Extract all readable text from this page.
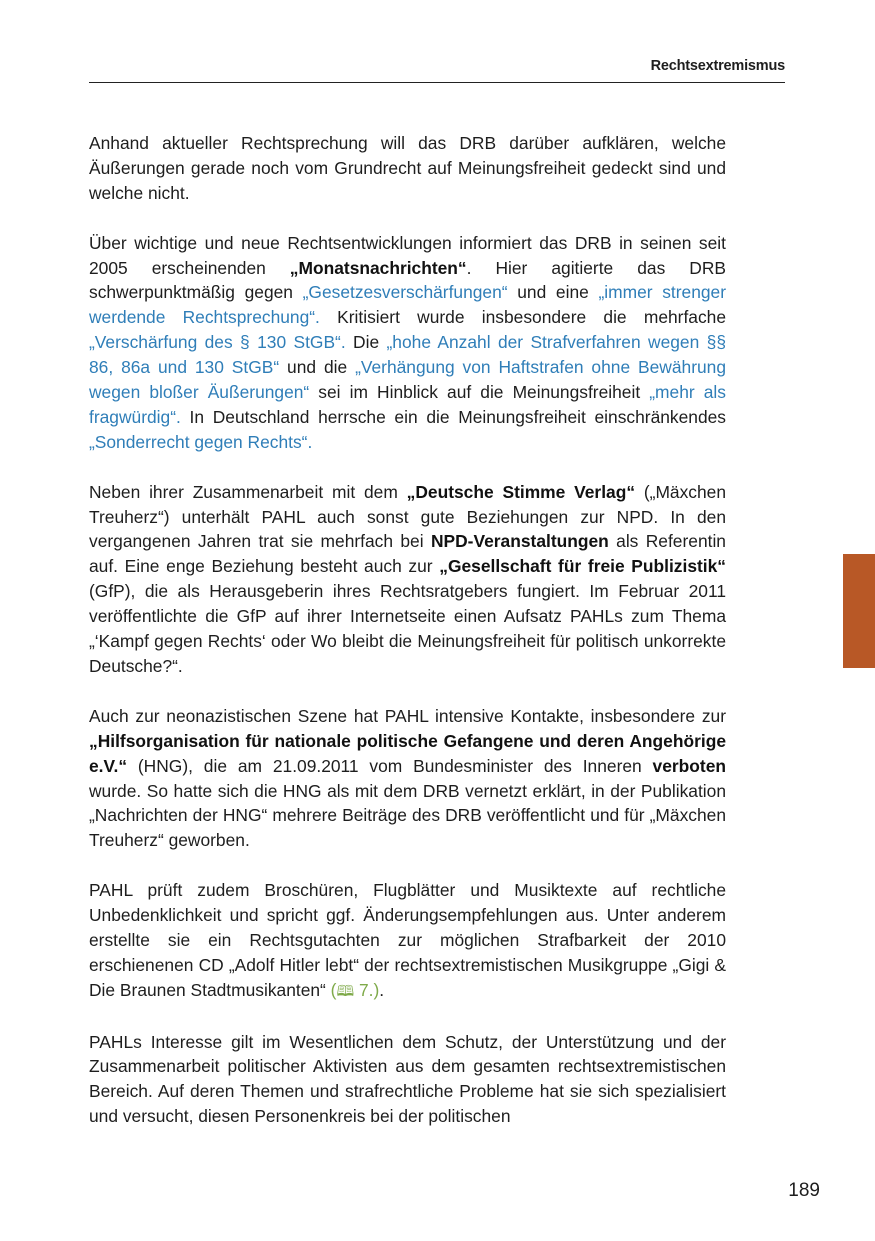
Rechtsextremismus

Anhand aktueller Rechtsprechung will das DRB darüber aufklären, welche Äußerungen gerade noch vom Grundrecht auf Meinungsfreiheit gedeckt sind und welche nicht.

Über wichtige und neue Rechtsentwicklungen informiert das DRB in seinen seit 2005 erscheinenden „Monatsnachrichten“. Hier agitierte das DRB schwerpunktmäßig gegen „Gesetzesverschärfungen“ und eine „immer strenger werdende Rechtsprechung“. Kritisiert wurde insbesondere die mehrfache „Verschärfung des § 130 StGB“. Die „hohe Anzahl der Strafverfahren wegen §§ 86, 86a und 130 StGB“ und die „Verhängung von Haftstrafen ohne Bewährung wegen bloßer Äußerungen“ sei im Hinblick auf die Meinungsfreiheit „mehr als fragwürdig“. In Deutschland herrsche ein die Meinungsfreiheit einschränkendes „Sonderrecht gegen Rechts“.

Neben ihrer Zusammenarbeit mit dem „Deutsche Stimme Verlag“ („Mäxchen Treuherz“) unterhält PAHL auch sonst gute Beziehungen zur NPD. In den vergangenen Jahren trat sie mehrfach bei NPD-Veranstaltungen als Referentin auf. Eine enge Beziehung besteht auch zur „Gesellschaft für freie Publizistik“ (GfP), die als Herausgeberin ihres Rechtsratgebers fungiert. Im Februar 2011 veröffentlichte die GfP auf ihrer Internetseite einen Aufsatz PAHLs zum Thema „‘Kampf gegen Rechts‘ oder Wo bleibt die Meinungsfreiheit für politisch unkorrekte Deutsche?“.

Auch zur neonazistischen Szene hat PAHL intensive Kontakte, insbesondere zur „Hilfsorganisation für nationale politische Gefangene und deren Angehörige e.V.“ (HNG), die am 21.09.2011 vom Bundesminister des Inneren verboten wurde. So hatte sich die HNG als mit dem DRB vernetzt erklärt, in der Publikation „Nachrichten der HNG“ mehrere Beiträge des DRB veröffentlicht und für „Mäxchen Treuherz“ geworben.

PAHL prüft zudem Broschüren, Flugblätter und Musiktexte auf rechtliche Unbedenklichkeit und spricht ggf. Änderungsempfehlungen aus. Unter anderem erstellte sie ein Rechtsgutachten zur möglichen Strafbarkeit der 2010 erschienenen CD „Adolf Hitler lebt“ der rechtsextremistischen Musikgruppe „Gigi & Die Braunen Stadtmusikanten“ (🕮 7.).

PAHLs Interesse gilt im Wesentlichen dem Schutz, der Unterstützung und der Zusammenarbeit politischer Aktivisten aus dem gesamten rechtsextremistischen Bereich. Auf deren Themen und strafrechtliche Probleme hat sie sich spezialisiert und versucht, diesen Personenkreis bei der politischen

189
